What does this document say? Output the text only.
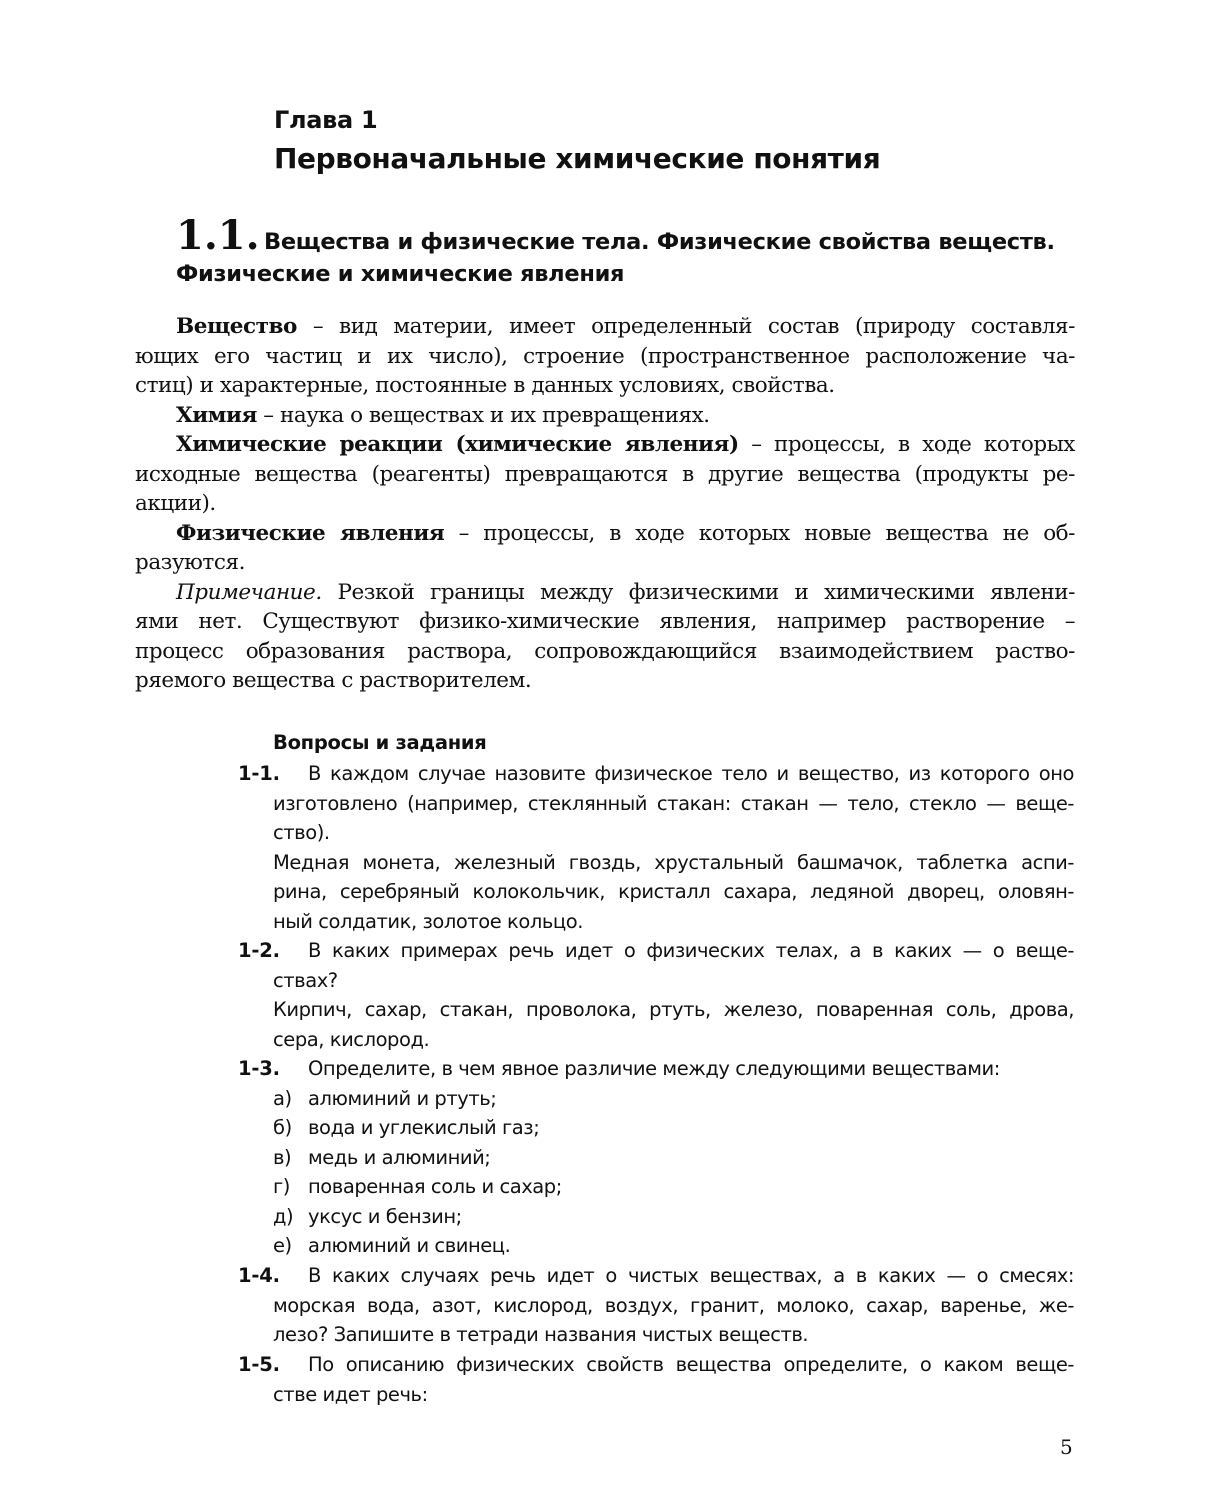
Глава 1
Первоначальные химические понятия
1.1. Вещества и физические тела. Физические свойства веществ.
Физические и химические явления
Вещество – вид материи, имеет определенный состав (природу составля-
ющих его частиц и их число), строение (пространственное расположение ча-
стиц) и характерные, постоянные в данных условиях, свойства.
Химия – наука о веществах и их превращениях.
Химические реакции (химические явления) – процессы, в ходе которых
исходные вещества (реагенты) превращаются в другие вещества (продукты ре-
акции).
Физические явления – процессы, в ходе которых новые вещества не об-
разуются.
Примечание. Резкой границы между физическими и химическими явлени-
ями нет. Существуют физико-химические явления, например растворение –
процесс образования раствора, сопровождающийся взаимодействием раство-
ряемого вещества с растворителем.
Вопросы и задания
1-1.	В каждом случае назовите физическое тело и вещество, из которого оно
изготовлено (например, стеклянный стакан: стакан — тело, стекло — веще-
ство).
Медная монета, железный гвоздь, хрустальный башмачок, таблетка аспи-
рина, серебряный колокольчик, кристалл сахара, ледяной дворец, оловян-
ный солдатик, золотое кольцо.
1-2.	В каких примерах речь идет о физических телах, а в каких — о веще-
ствах?
Кирпич, сахар, стакан, проволока, ртуть, железо, поваренная соль, дрова,
сера, кислород.
1-3.	Определите, в чем явное различие между следующими веществами:
а) алюминий и ртуть;
б) вода и углекислый газ;
в) медь и алюминий;
г) поваренная соль и сахар;
д) уксус и бензин;
е) алюминий и свинец.
1-4.	В каких случаях речь идет о чистых веществах, а в каких — о смесях:
морская вода, азот, кислород, воздух, гранит, молоко, сахар, варенье, же-
лезо? Запишите в тетради названия чистых веществ.
1-5.	По описанию физических свойств вещества определите, о каком веще-
стве идет речь:
5
